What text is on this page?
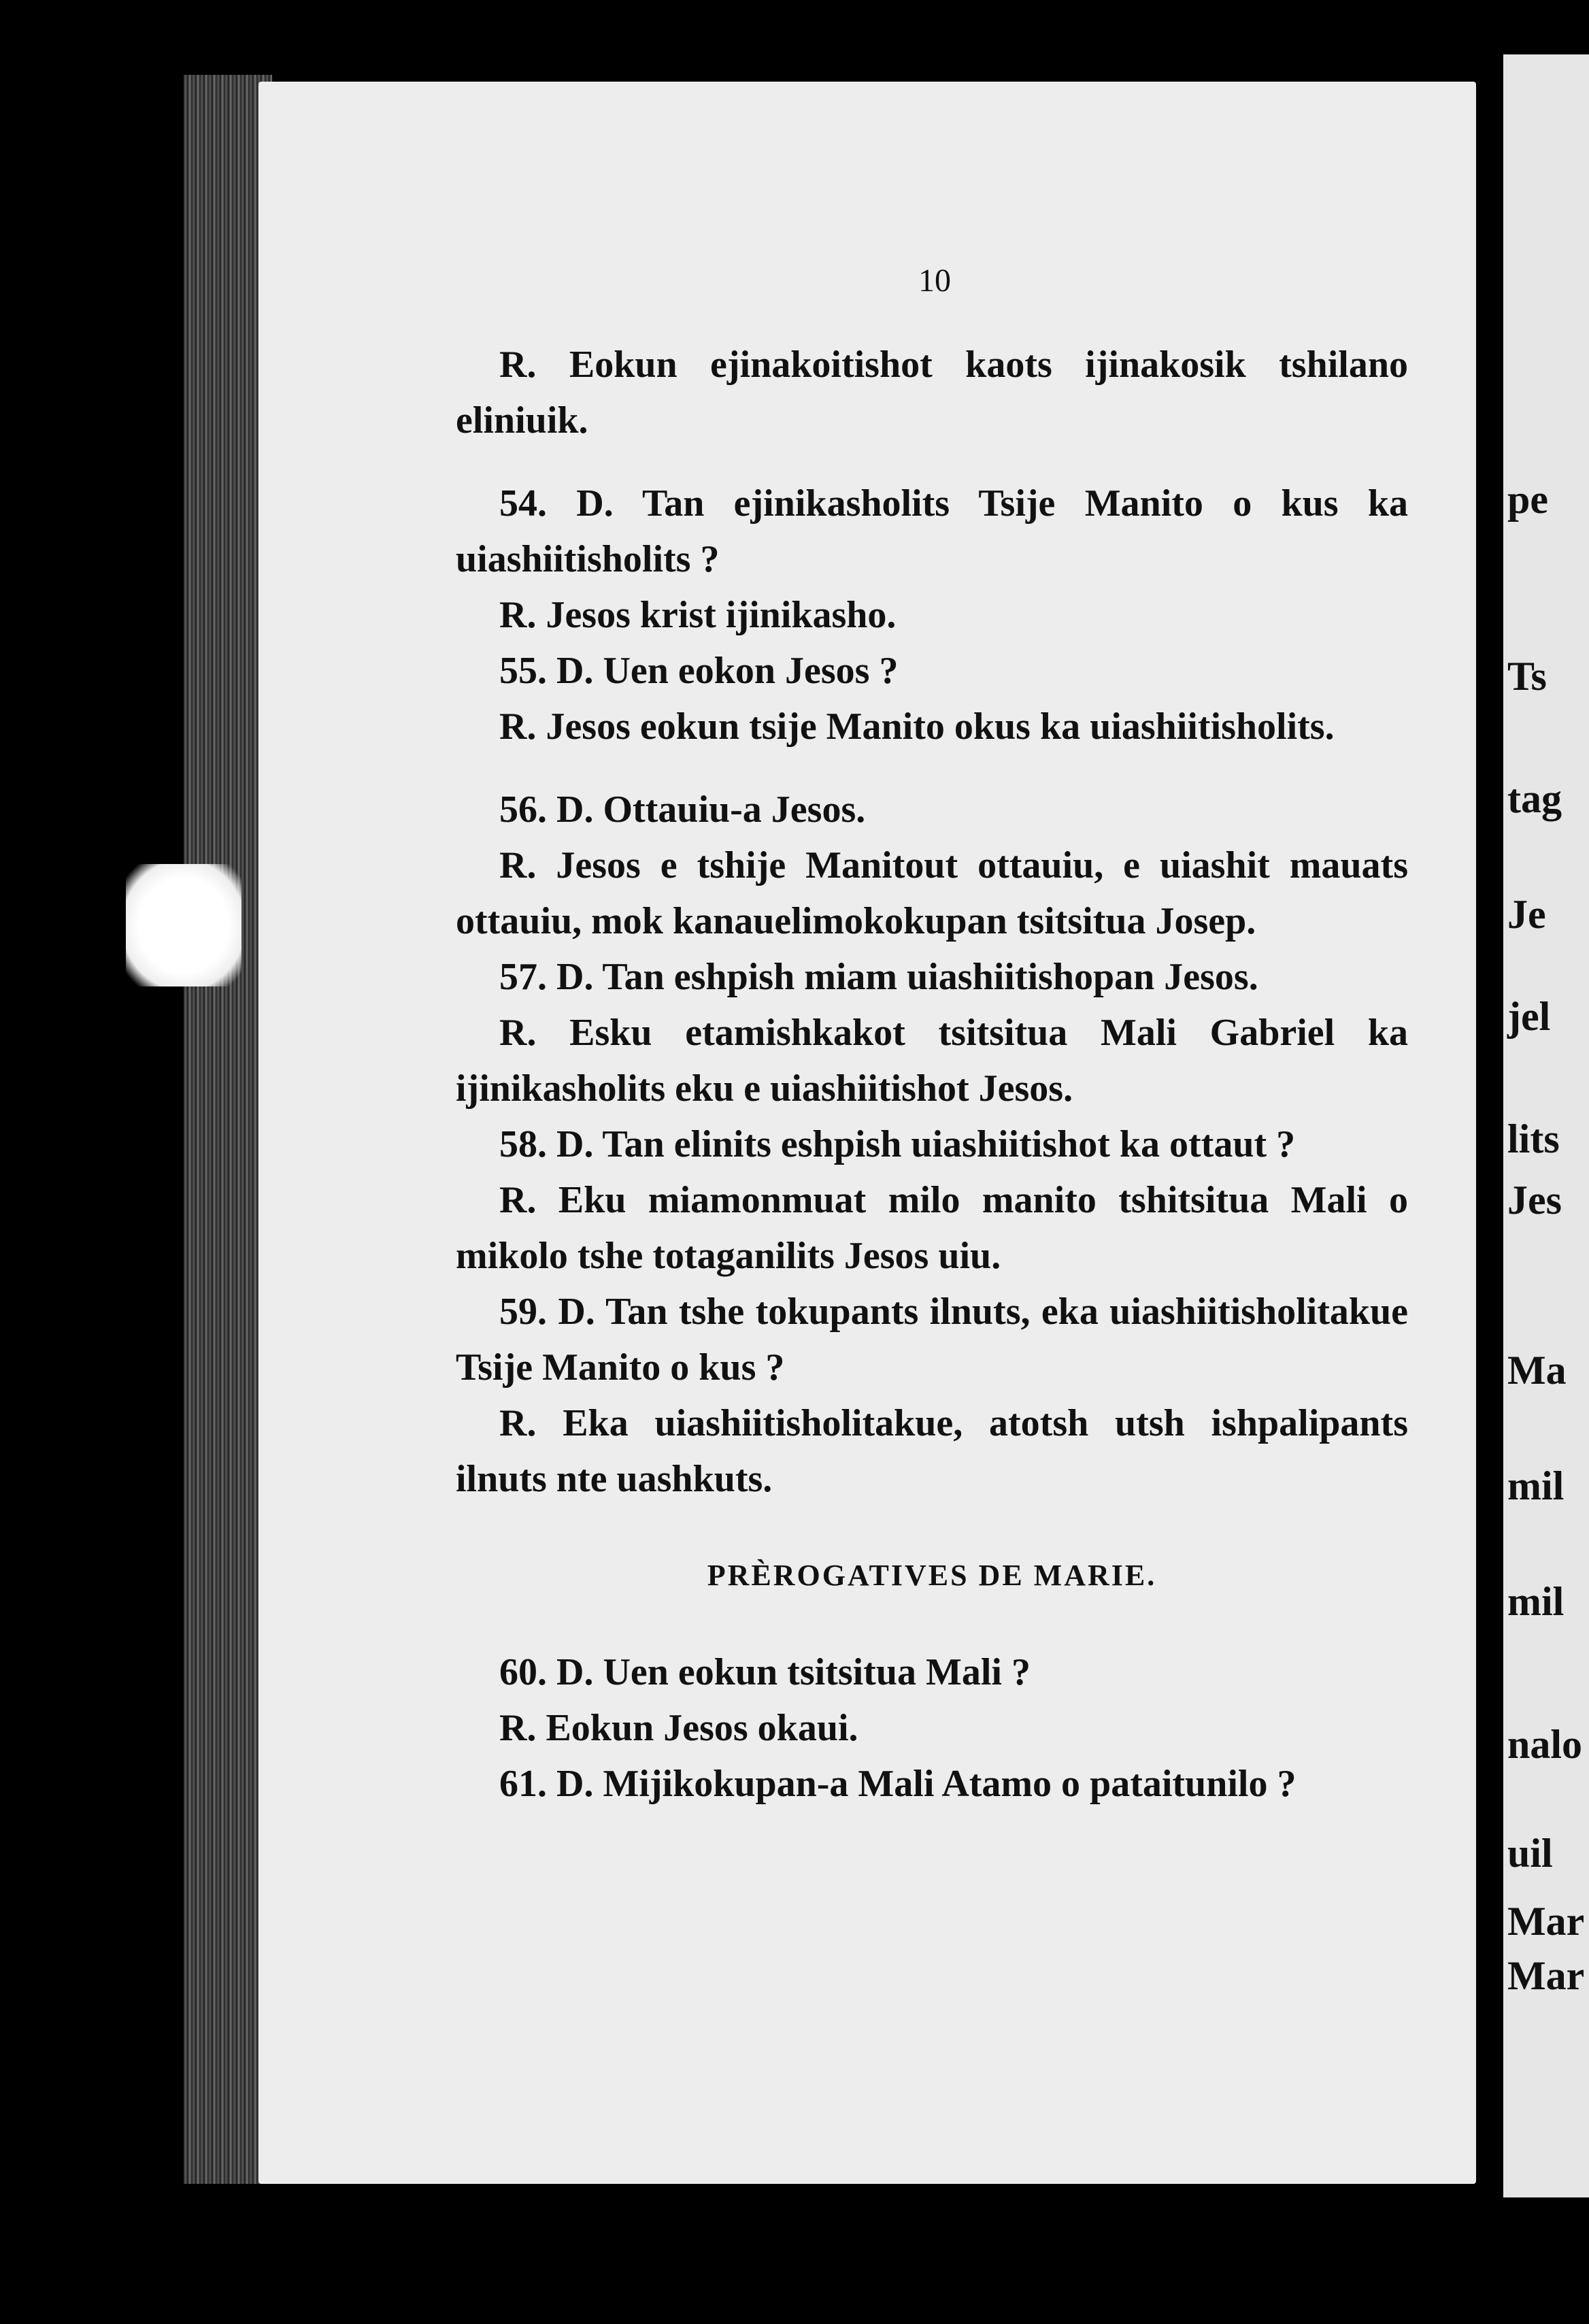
10

R. Eokun ejinakoitishot kaots ijinakosik tshilano eliniuik.

54. D. Tan ejinikasholits Tsije Manito o kus ka uiashiitisholits ?

R. Jesos krist ijinikasho.

55. D. Uen eokon Jesos ?

R. Jesos eokun tsije Manito okus ka uiashiitisholits.

56. D. Ottauiu-a Jesos.

R. Jesos e tshije Manitout ottauiu, e uiashit mauats ottauiu, mok kanauelimokokupan tsitsitua Josep.

57. D. Tan eshpish miam uiashiitishopan Jesos.

R. Esku etamishkakot tsitsitua Mali Gabriel ka ijinikasholits eku e uiashiitishot Jesos.

58. D. Tan elinits eshpish uiashiitishot ka ottaut ?

R. Eku miamonmuat milo manito tshitsitua Mali o mikolo tshe totaganilits Jesos uiu.

59. D. Tan tshe tokupants ilnuts, eka uiashiitisholitakue Tsije Manito o kus ?

R. Eka uiashiitisholitakue, atotsh utsh ishpalipants ilnuts nte uashkuts.

PRÈROGATIVES DE MARIE.

60. D. Uen eokun tsitsitua Mali ?

R. Eokun Jesos okaui.

61. D. Mijikokupan-a Mali Atamo o pataitunilo ?

pe
Ts
tag
Je
jel
lits
Jes
Ma
mil
mil
nalo
uil
Mar
Mar
